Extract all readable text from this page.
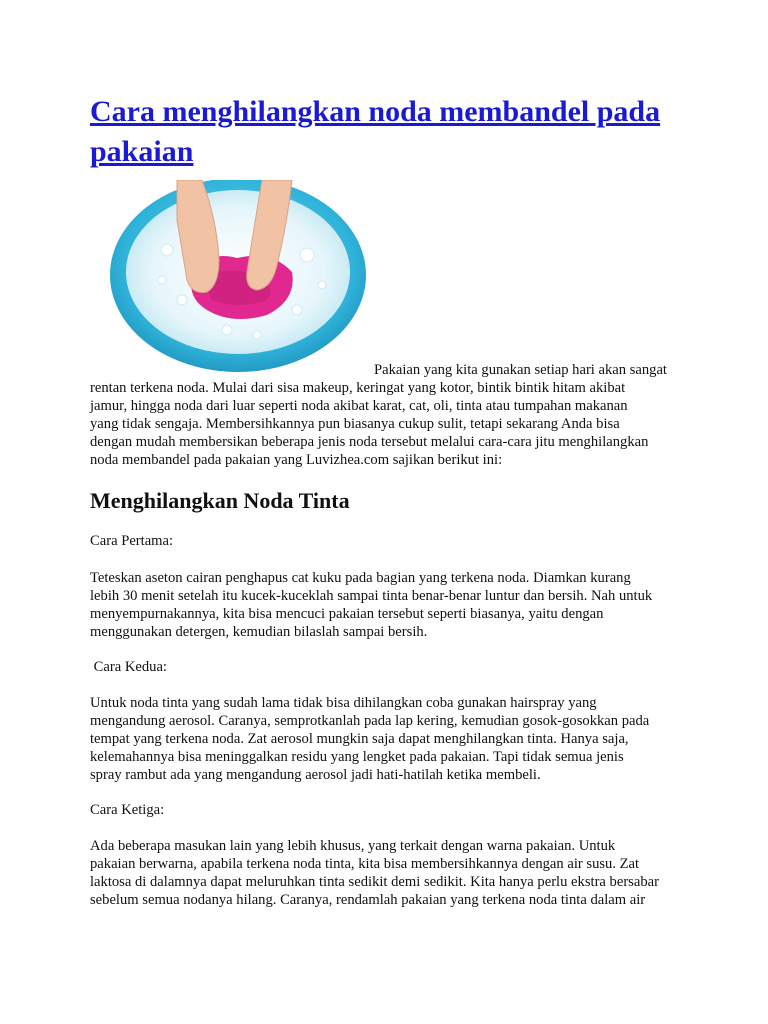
Cara menghilangkan noda membandel pada pakaian

Pakaian yang kita gunakan setiap hari akan sangat

rentan terkena noda. Mulai dari sisa makeup, keringat yang kotor, bintik bintik hitam akibat
jamur, hingga noda dari luar seperti noda akibat karat, cat, oli, tinta atau tumpahan makanan
yang tidak sengaja. Membersihkannya pun biasanya cukup sulit, tetapi sekarang Anda bisa
dengan mudah membersikan beberapa jenis noda tersebut melalui cara-cara jitu menghilangkan
noda membandel pada pakaian yang Luvizhea.com sajikan berikut ini:
Menghilangkan Noda Tinta
Cara Pertama:
Teteskan aseton cairan penghapus cat kuku pada bagian yang terkena noda. Diamkan kurang
lebih 30 menit setelah itu kucek-kuceklah sampai tinta benar-benar luntur dan bersih. Nah untuk
menyempurnakannya, kita bisa mencuci pakaian tersebut seperti biasanya, yaitu dengan
menggunakan detergen, kemudian bilaslah sampai bersih.
Cara Kedua:
Untuk noda tinta yang sudah lama tidak bisa dihilangkan coba gunakan hairspray yang
mengandung aerosol. Caranya, semprotkanlah pada lap kering, kemudian gosok-gosokkan pada
tempat yang terkena noda. Zat aerosol mungkin saja dapat menghilangkan tinta. Hanya saja,
kelemahannya bisa meninggalkan residu yang lengket pada pakaian. Tapi tidak semua jenis
spray rambut ada yang mengandung aerosol jadi hati-hatilah ketika membeli.
Cara Ketiga:
Ada beberapa masukan lain yang lebih khusus, yang terkait dengan warna pakaian. Untuk
pakaian berwarna, apabila terkena noda tinta, kita bisa membersihkannya dengan air susu. Zat
laktosa di dalamnya dapat meluruhkan tinta sedikit demi sedikit. Kita hanya perlu ekstra bersabar
sebelum semua nodanya hilang. Caranya, rendamlah pakaian yang terkena noda tinta dalam air
